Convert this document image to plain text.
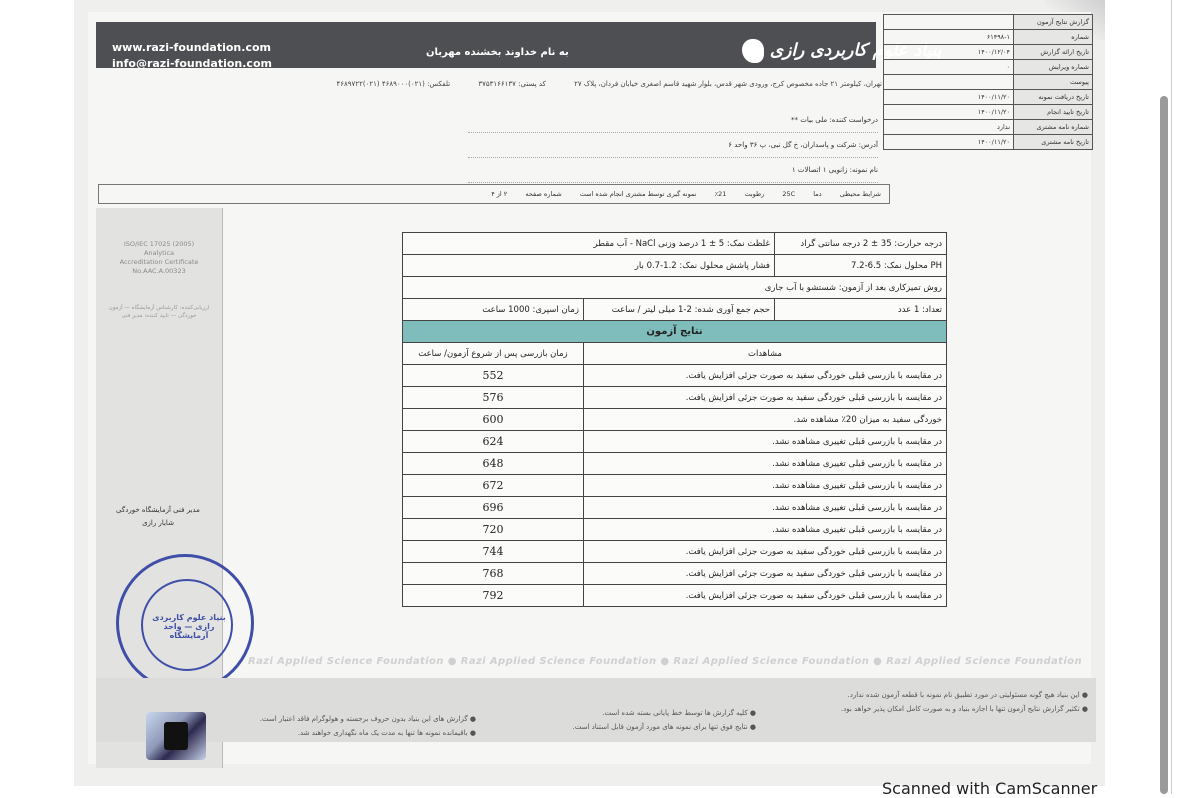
www.razi-foundation.com
info@razi-foundation.com
به نام خداوند بخشنده مهربان	بنیاد علوم کاربردی رازی
تهران، کیلومتر ۲۱ جاده مخصوص کرج، ورودی شهر قدس، بلوار شهید قاسم اصغری خیابان فردان، پلاک ۲۷ کد پستی: ۳۷۵۳۱۶۶۱۳۷ تلفکس: (۰۲۱)۴۶۸۹۰۰۰ (۰۲۱)۴۶۸۹۷۲۲
	گزارش نتایج آزمون
۶۱۴۹۸-۱	شماره
۱۴۰۰/۱۲/۰۴	تاریخ ارائه گزارش
۰	شماره ویرایش
	پیوست
۱۴۰۰/۱۱/۲۰	تاریخ دریافت نمونه
۱۴۰۰/۱۱/۲۰	تاریخ تایید انجام
ندارد	شماره نامه مشتری
۱۴۰۰/۱۱/۲۰	تاریخ نامه مشتری
درخواست کننده: ملی بیات **
آدرس: شرکت و پاسداران، خ گل نبی، پ ۳۶ واحد ۶
نام نمونه: زانویی ۱ اتصالات ۱
شرایط محیطی دما 25C رطوبت 21٪ نمونه گیری توسط مشتری انجام شده است شماره صفحه ۲ از ۴
ISO/IEC 17025 (2005)
Analytica
Accreditation Certificate
No.AAC.A.00323
ارزیابی‌کننده: کارشناس آزمایشگاه — آزمون خوردگی — تایید کننده: مدیر فنی
مدیر فنی آزمایشگاه خوردگی
شایار رازی
غلظت نمک: 5 ± 1 درصد وزنی NaCl - آب مقطر		درجه حرارت: 35 ± 2 درجه سانتی گراد
فشار پاشش محلول نمک: 1.2-0.7 بار		PH محلول نمک: 6.5-7.2
روش تمیزکاری بعد از آزمون: شستشو با آب جاری		
زمان اسپری: 1000 ساعت	حجم جمع آوری شده: 2-1 میلی لیتر / ساعت	تعداد: 1 عدد
نتایج آزمون		
زمان بازرسی پس از شروع آزمون/ ساعت	مشاهدات	
552	در مقایسه با بازرسی قبلی خوردگی سفید به صورت جزئی افزایش یافت.	
576	در مقایسه با بازرسی قبلی خوردگی سفید به صورت جزئی افزایش یافت.	
600	خوردگی سفید به میزان 20٪ مشاهده شد.	
624	در مقایسه با بازرسی قبلی تغییری مشاهده نشد.	
648	در مقایسه با بازرسی قبلی تغییری مشاهده نشد.	
672	در مقایسه با بازرسی قبلی تغییری مشاهده نشد.	
696	در مقایسه با بازرسی قبلی تغییری مشاهده نشد.	
720	در مقایسه با بازرسی قبلی تغییری مشاهده نشد.	
744	در مقایسه با بازرسی قبلی خوردگی سفید به صورت جزئی افزایش یافت.	
768	در مقایسه با بازرسی قبلی خوردگی سفید به صورت جزئی افزایش یافت.	
792	در مقایسه با بازرسی قبلی خوردگی سفید به صورت جزئی افزایش یافت.	
بنیاد علوم کاربردی رازی — واحد آزمایشگاه
Razi Applied Science Foundation ● Razi Applied Science Foundation ● Razi Applied Science Foundation ● Razi Applied Science Foundation
● این بنیاد هیچ گونه مسئولیتی در مورد تطبیق نام نمونه با قطعه آزمون شده ندارد.
● تکثیر گزارش نتایج آزمون تنها با اجازه بنیاد و به صورت کامل امکان پذیر خواهد بود.
● کلیه گزارش ها توسط خط پایانی بسته شده است.
● نتایج فوق تنها برای نمونه های مورد آزمون قابل استناد است.
● گزارش های این بنیاد بدون حروف برجسته و هولوگرام فاقد اعتبار است.
● باقیمانده نمونه ها تنها به مدت یک ماه نگهداری خواهند شد.
Scanned with CamScanner
